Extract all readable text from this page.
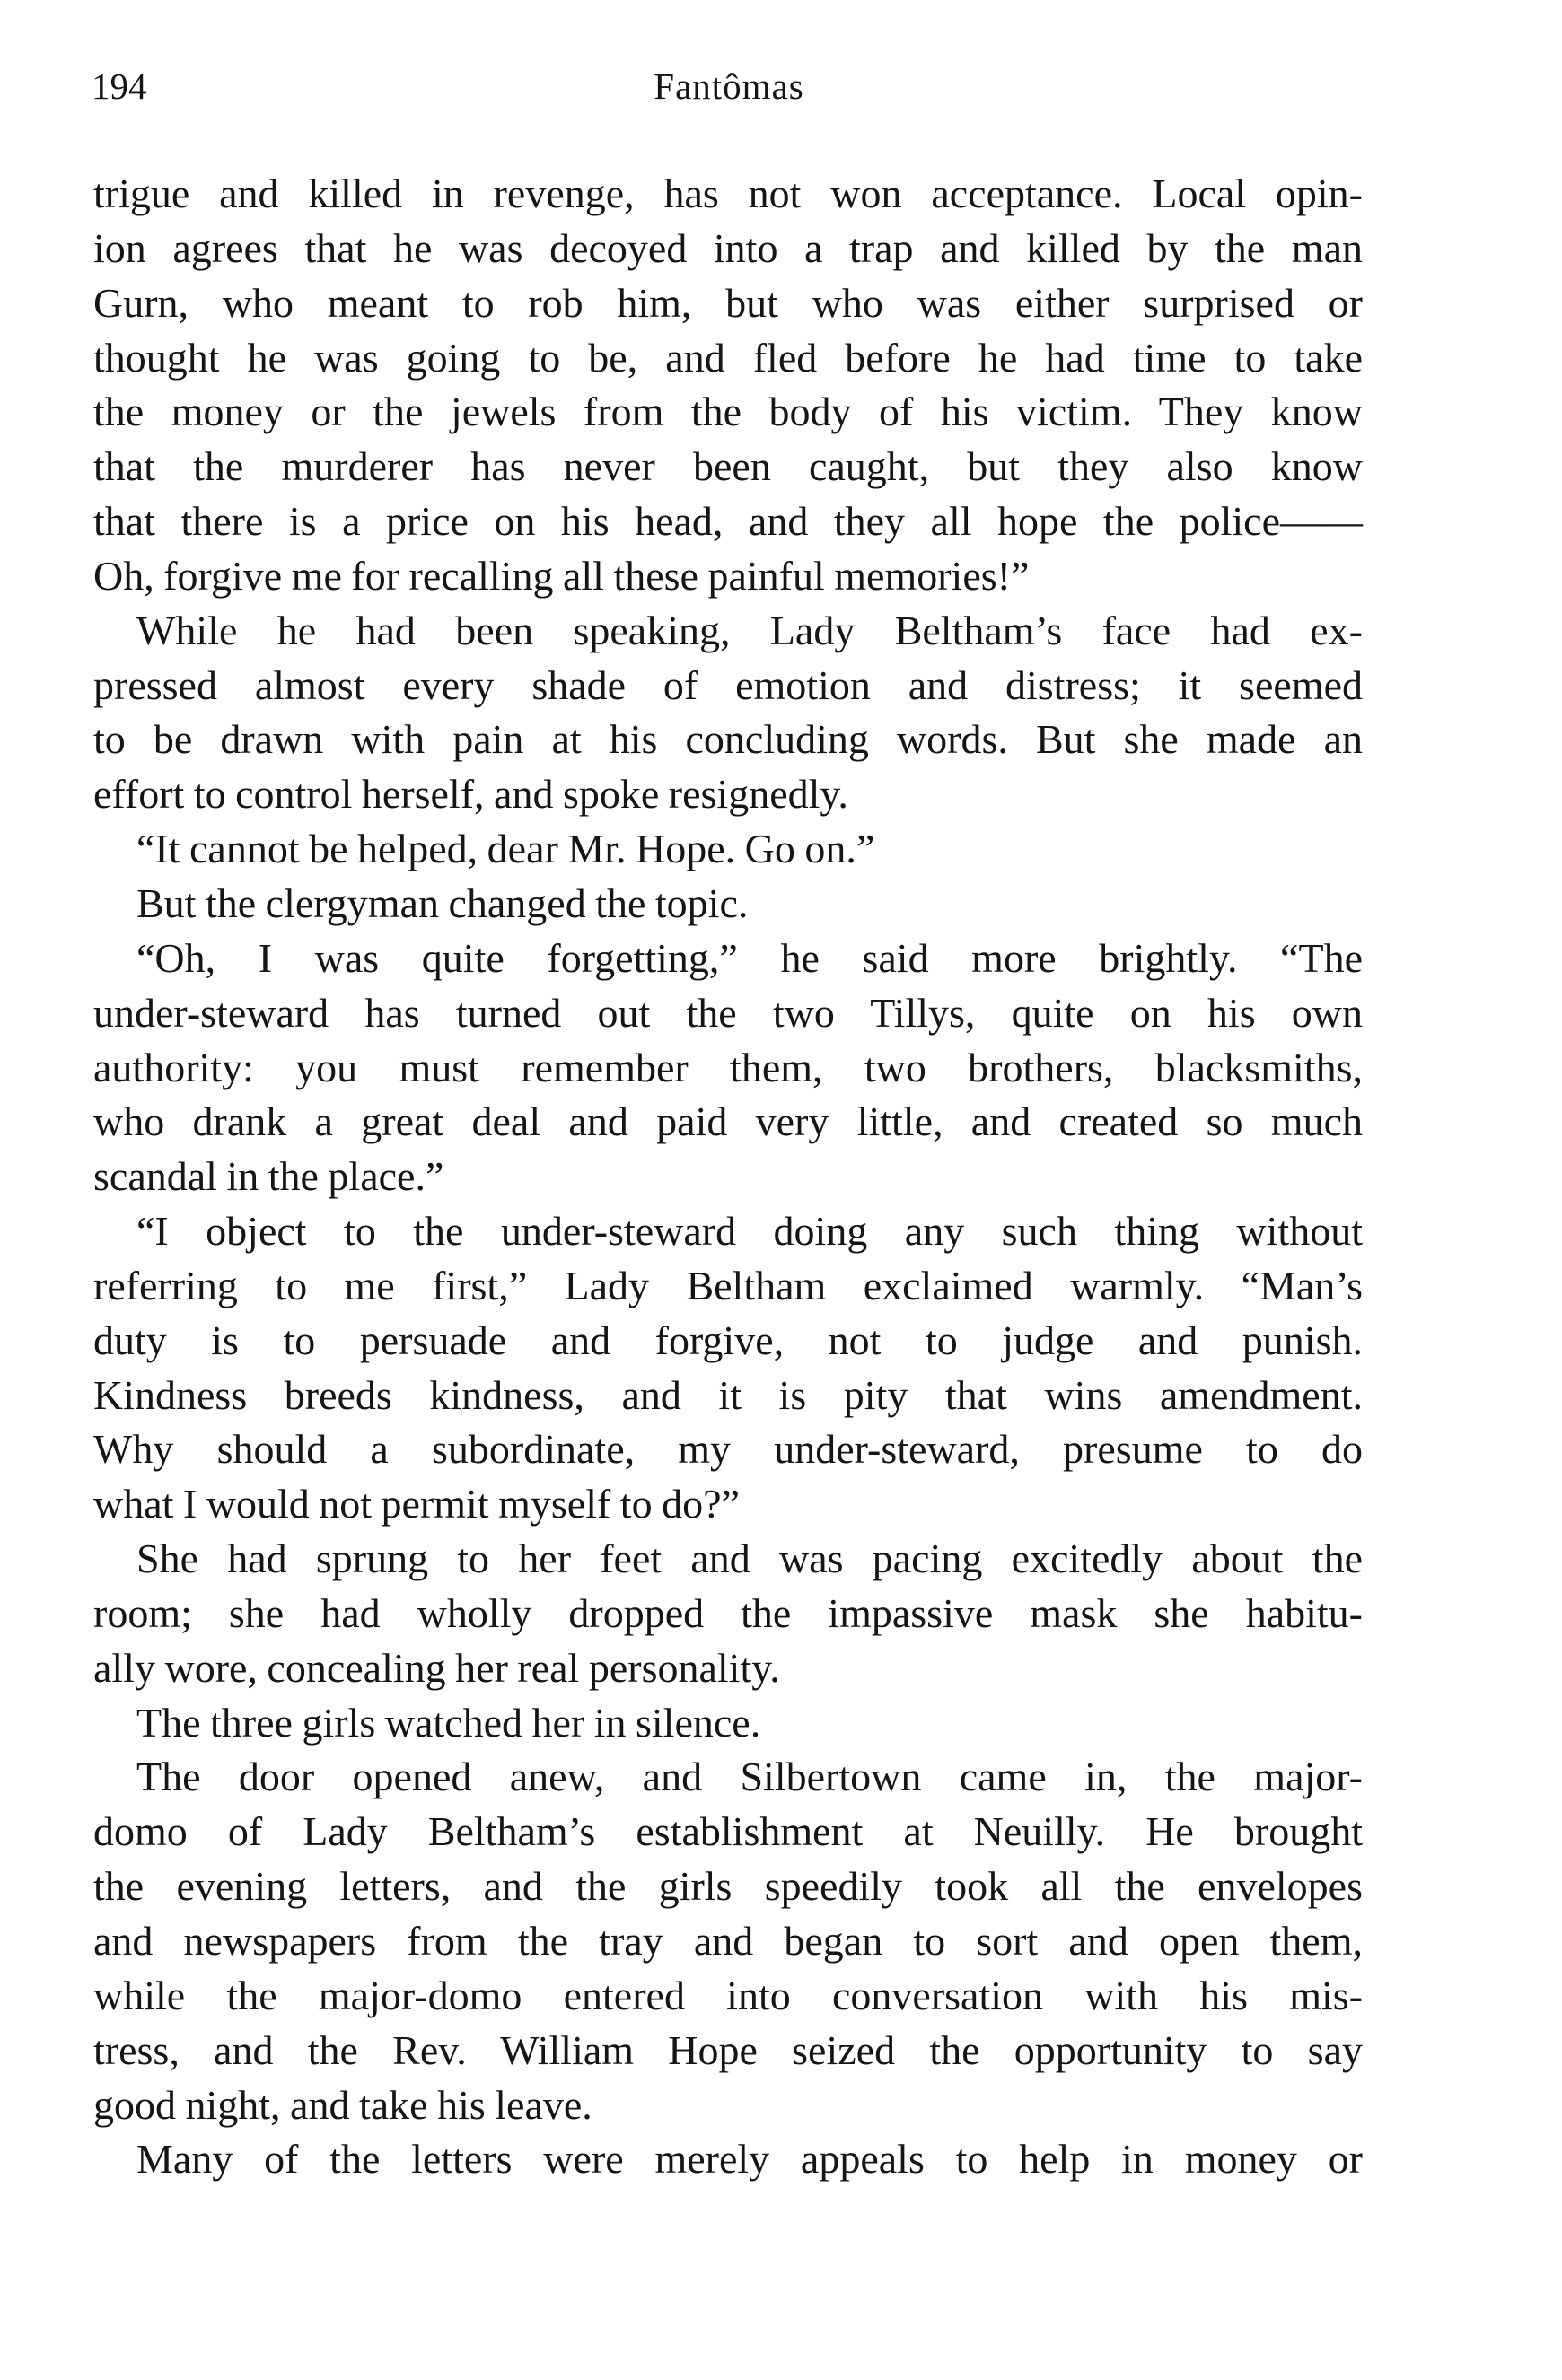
194	Fantômas
trigue and killed in revenge, has not won acceptance. Local opin-
ion agrees that he was decoyed into a trap and killed by the man
Gurn, who meant to rob him, but who was either surprised or
thought he was going to be, and fled before he had time to take
the money or the jewels from the body of his victim. They know
that the murderer has never been caught, but they also know
that there is a price on his head, and they all hope the police——
Oh, forgive me for recalling all these painful memories!”
While he had been speaking, Lady Beltham’s face had ex-
pressed almost every shade of emotion and distress; it seemed
to be drawn with pain at his concluding words. But she made an
effort to control herself, and spoke resignedly.
“It cannot be helped, dear Mr. Hope. Go on.”
But the clergyman changed the topic.
“Oh, I was quite forgetting,” he said more brightly. “The
under-steward has turned out the two Tillys, quite on his own
authority: you must remember them, two brothers, blacksmiths,
who drank a great deal and paid very little, and created so much
scandal in the place.”
“I object to the under-steward doing any such thing without
referring to me first,” Lady Beltham exclaimed warmly. “Man’s
duty is to persuade and forgive, not to judge and punish.
Kindness breeds kindness, and it is pity that wins amendment.
Why should a subordinate, my under-steward, presume to do
what I would not permit myself to do?”
She had sprung to her feet and was pacing excitedly about the
room; she had wholly dropped the impassive mask she habitu-
ally wore, concealing her real personality.
The three girls watched her in silence.
The door opened anew, and Silbertown came in, the major-
domo of Lady Beltham’s establishment at Neuilly. He brought
the evening letters, and the girls speedily took all the envelopes
and newspapers from the tray and began to sort and open them,
while the major-domo entered into conversation with his mis-
tress, and the Rev. William Hope seized the opportunity to say
good night, and take his leave.
Many of the letters were merely appeals to help in money or
